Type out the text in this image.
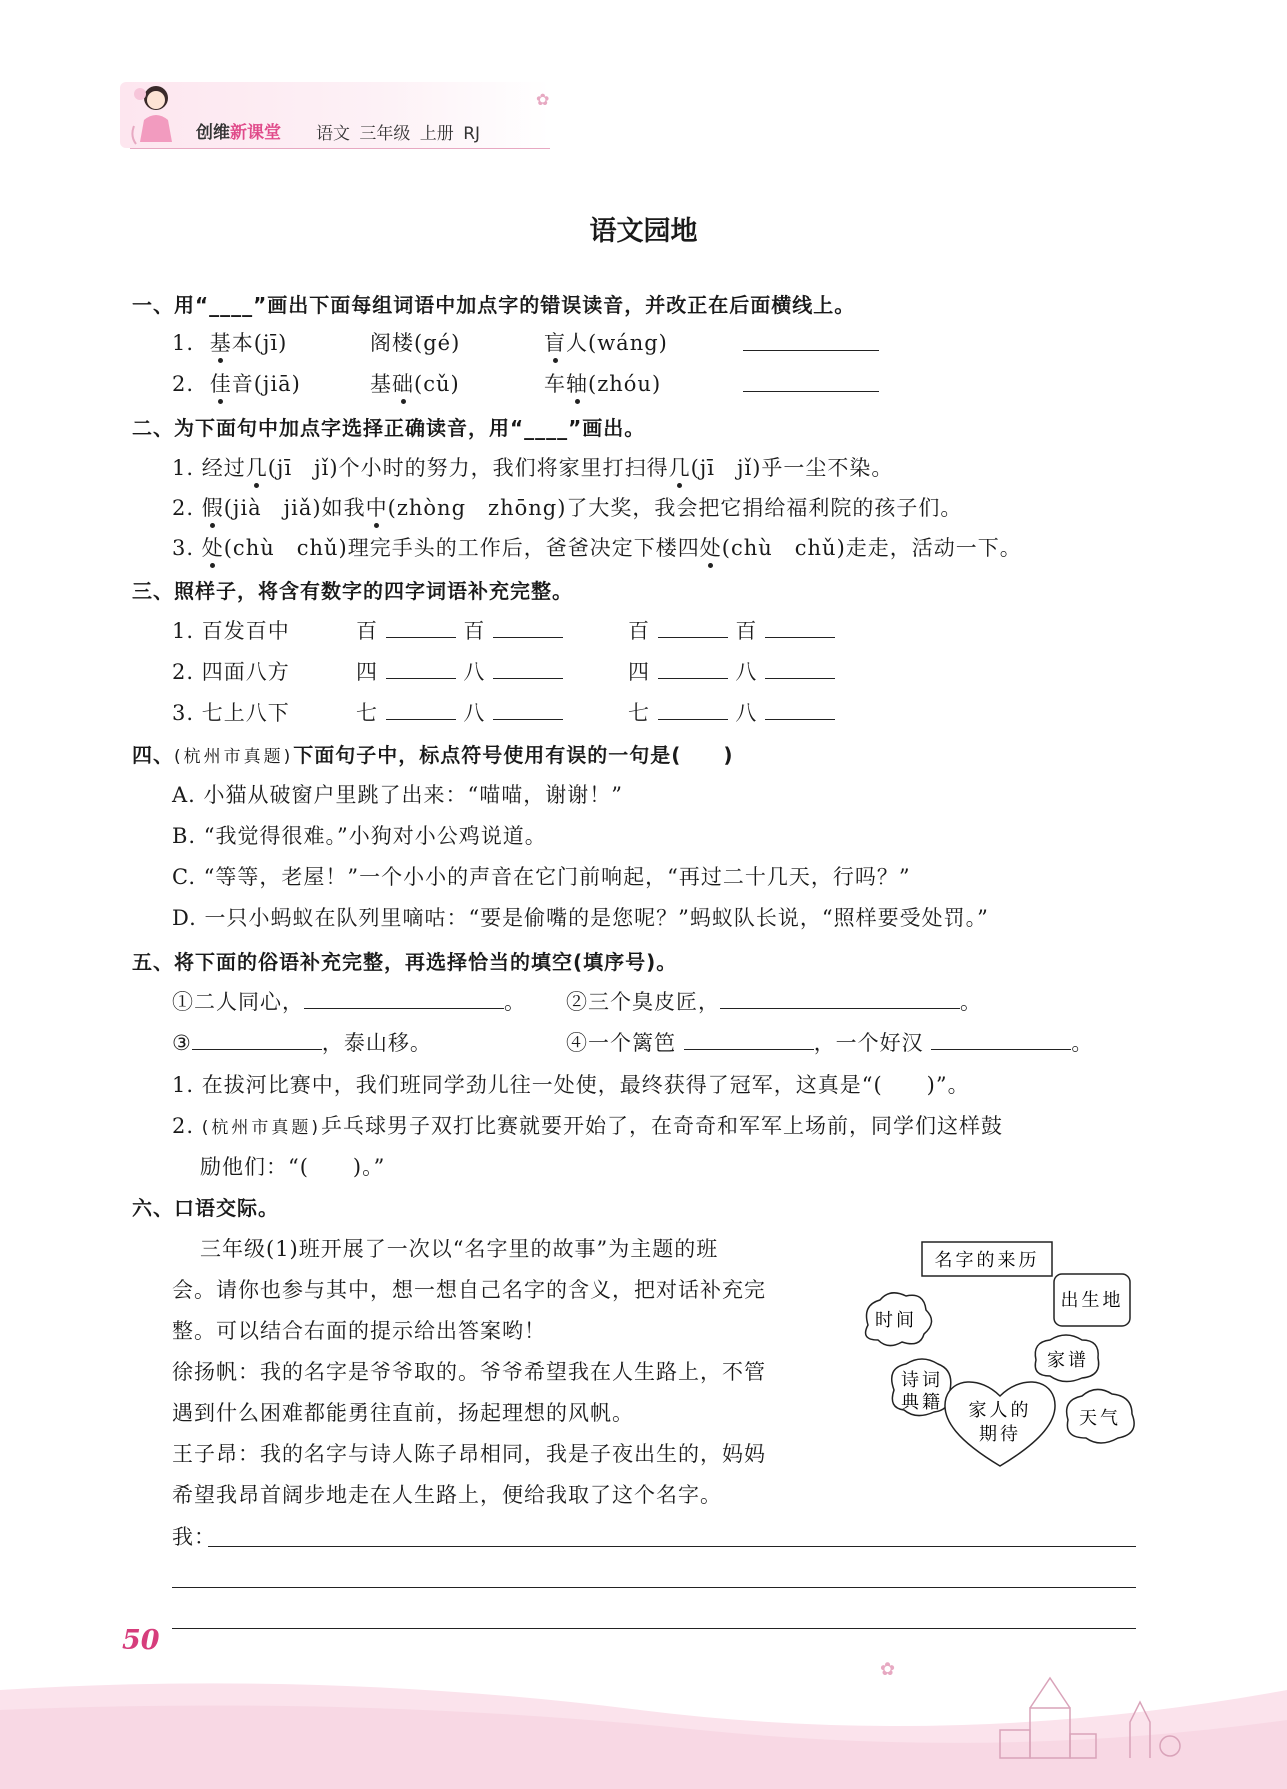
创维新课堂 语文 三年级 上册 RJ
✿
语文园地
一、用“____”画出下面每组词语中加点字的错误读音，并改正在后面横线上。
1. 基本(jī)	阁楼(gé)	盲人(wáng)
2. 佳音(jiā)	基础(cǔ)	车轴(zhóu)
二、为下面句中加点字选择正确读音，用“____”画出。
1. 经过几(jī　jǐ)个小时的努力，我们将家里打扫得几(jī　jǐ)乎一尘不染。
2. 假(jià　jiǎ)如我中(zhòng　zhōng)了大奖，我会把它捐给福利院的孩子们。
3. 处(chù　chǔ)理完手头的工作后，爸爸决定下楼四处(chù　chǔ)走走，活动一下。
三、照样子，将含有数字的四字词语补充完整。
1. 百发百中	百	百	百	百
2. 四面八方	四	八	四	八
3. 七上八下	七	八	七	八
四、(杭州市真题)下面句子中，标点符号使用有误的一句是(　　)
A. 小猫从破窗户里跳了出来：“喵喵，谢谢！”
B. “我觉得很难。”小狗对小公鸡说道。
C. “等等，老屋！”一个小小的声音在它门前响起，“再过二十几天，行吗？”
D. 一只小蚂蚁在队列里嘀咕：“要是偷嘴的是您呢？”蚂蚁队长说，“照样要受处罚。”
五、将下面的俗语补充完整，再选择恰当的填空(填序号)。
①二人同心，	。 ②三个臭皮匠，	。
③	，泰山移。	④一个篱笆	，一个好汉	。
1. 在拔河比赛中，我们班同学劲儿往一处使，最终获得了冠军，这真是“(　　)”。
2. (杭州市真题)乒乓球男子双打比赛就要开始了，在奇奇和军军上场前，同学们这样鼓
励他们：“(　　)。”
六、口语交际。
三年级(1)班开展了一次以“名字里的故事”为主题的班
会。请你也参与其中，想一想自己名字的含义，把对话补充完
整。可以结合右面的提示给出答案哟！
徐扬帆：我的名字是爷爷取的。爷爷希望我在人生路上，不管
遇到什么困难都能勇往直前，扬起理想的风帆。
王子昂：我的名字与诗人陈子昂相同，我是子夜出生的，妈妈
希望我昂首阔步地走在人生路上，便给我取了这个名字。
我：
名字的来历
出生地
时间
家谱
诗词
典籍 家人的
期待
天气
✿
50
